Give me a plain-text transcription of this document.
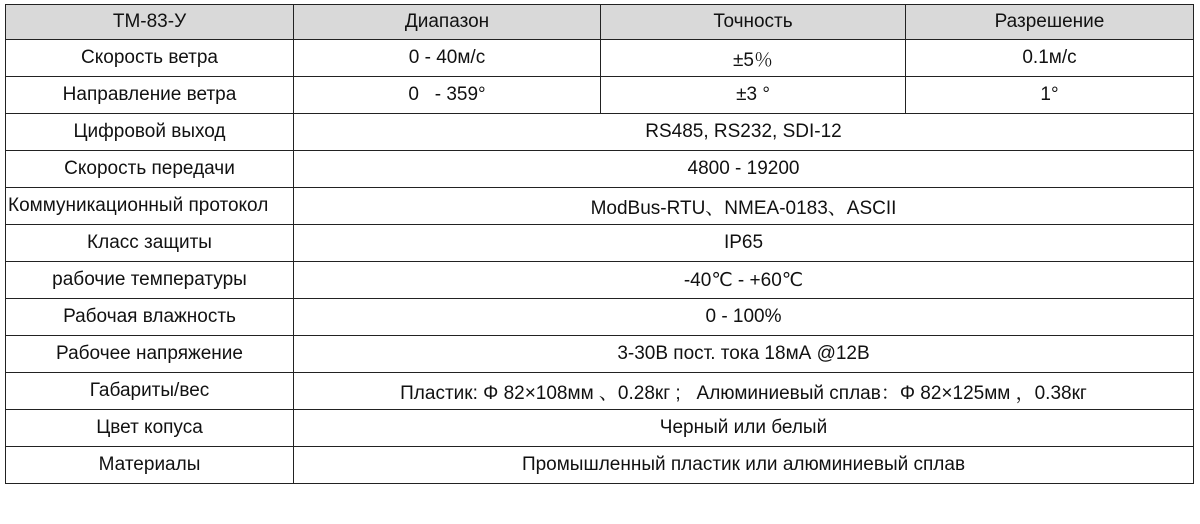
ТМ-83-У	Диапазон	Точность	Разрешение
Скорость ветра	0 - 40м/с	±5％	0.1м/с
Направление ветра	0   - 359°	±3 °	1°
Цифровой выход	RS485, RS232, SDI-12		
Скорость передачи	4800 - 19200		
Коммуникационный протокол	ModBus-RTU、NMEA-0183、ASCII		
Класс защиты	IP65		
рабочие температуры	-40℃ - +60℃		
Рабочая влажность	0 - 100%		
Рабочее напряжение	3-30В пост. тока 18мА @12В		
Габариты/вес	Пластик: Φ 82×108мм 、0.28кг ;   Алюминиевый сплав：Φ 82×125мм ，0.38кг		
Цвет копуса	Черный или белый		
Материалы	Промышленный пластик или алюминиевый сплав		
